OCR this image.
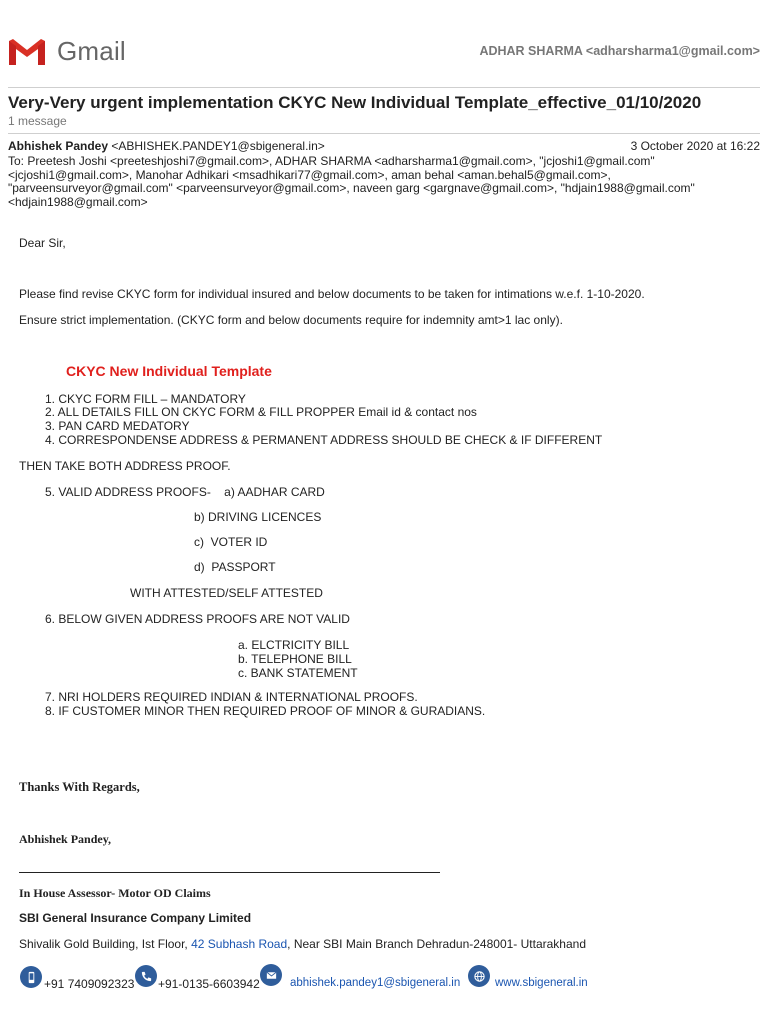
Gmail	ADHAR SHARMA <adharsharma1@gmail.com>
Very-Very urgent implementation CKYC New Individual Template_effective_01/10/2020
1 message
Abhishek Pandey <ABHISHEK.PANDEY1@sbigeneral.in>	3 October 2020 at 16:22
To: Preetesh Joshi <preeteshjoshi7@gmail.com>, ADHAR SHARMA <adharsharma1@gmail.com>, "jcjoshi1@gmail.com"
<jcjoshi1@gmail.com>, Manohar Adhikari <msadhikari77@gmail.com>, aman behal <aman.behal5@gmail.com>,
"parveensurveyor@gmail.com" <parveensurveyor@gmail.com>, naveen garg <gargnave@gmail.com>, "hdjain1988@gmail.com"
<hdjain1988@gmail.com>
Dear Sir,
Please find revise CKYC form for individual insured and below documents to be taken for intimations w.e.f. 1-10-2020.
Ensure strict implementation. (CKYC form and below documents require for indemnity amt>1 lac only).
CKYC New Individual Template
1. CKYC FORM FILL – MANDATORY
2. ALL DETAILS FILL ON CKYC FORM & FILL PROPPER Email id & contact nos
3. PAN CARD MEDATORY
4. CORRESPONDENSE ADDRESS & PERMANENT ADDRESS SHOULD BE CHECK & IF DIFFERENT
THEN TAKE BOTH ADDRESS PROOF.
5. VALID ADDRESS PROOFS-    a) AADHAR CARD
b) DRIVING LICENCES
c)  VOTER ID
d)  PASSPORT
WITH ATTESTED/SELF ATTESTED
6. BELOW GIVEN ADDRESS PROOFS ARE NOT VALID
a. ELCTRICITY BILL
b. TELEPHONE BILL
c. BANK STATEMENT
7. NRI HOLDERS REQUIRED INDIAN & INTERNATIONAL PROOFS.
8. IF CUSTOMER MINOR THEN REQUIRED PROOF OF MINOR & GURADIANS.
Thanks With Regards,
Abhishek Pandey,
In House Assessor- Motor OD Claims
SBI General Insurance Company Limited
Shivalik Gold Building, Ist Floor, 42 Subhash Road, Near SBI Main Branch Dehradun-248001- Uttarakhand
+91 7409092323 +91-0135-6603942	abhishek.pandey1@sbigeneral.in	www.sbigeneral.in
